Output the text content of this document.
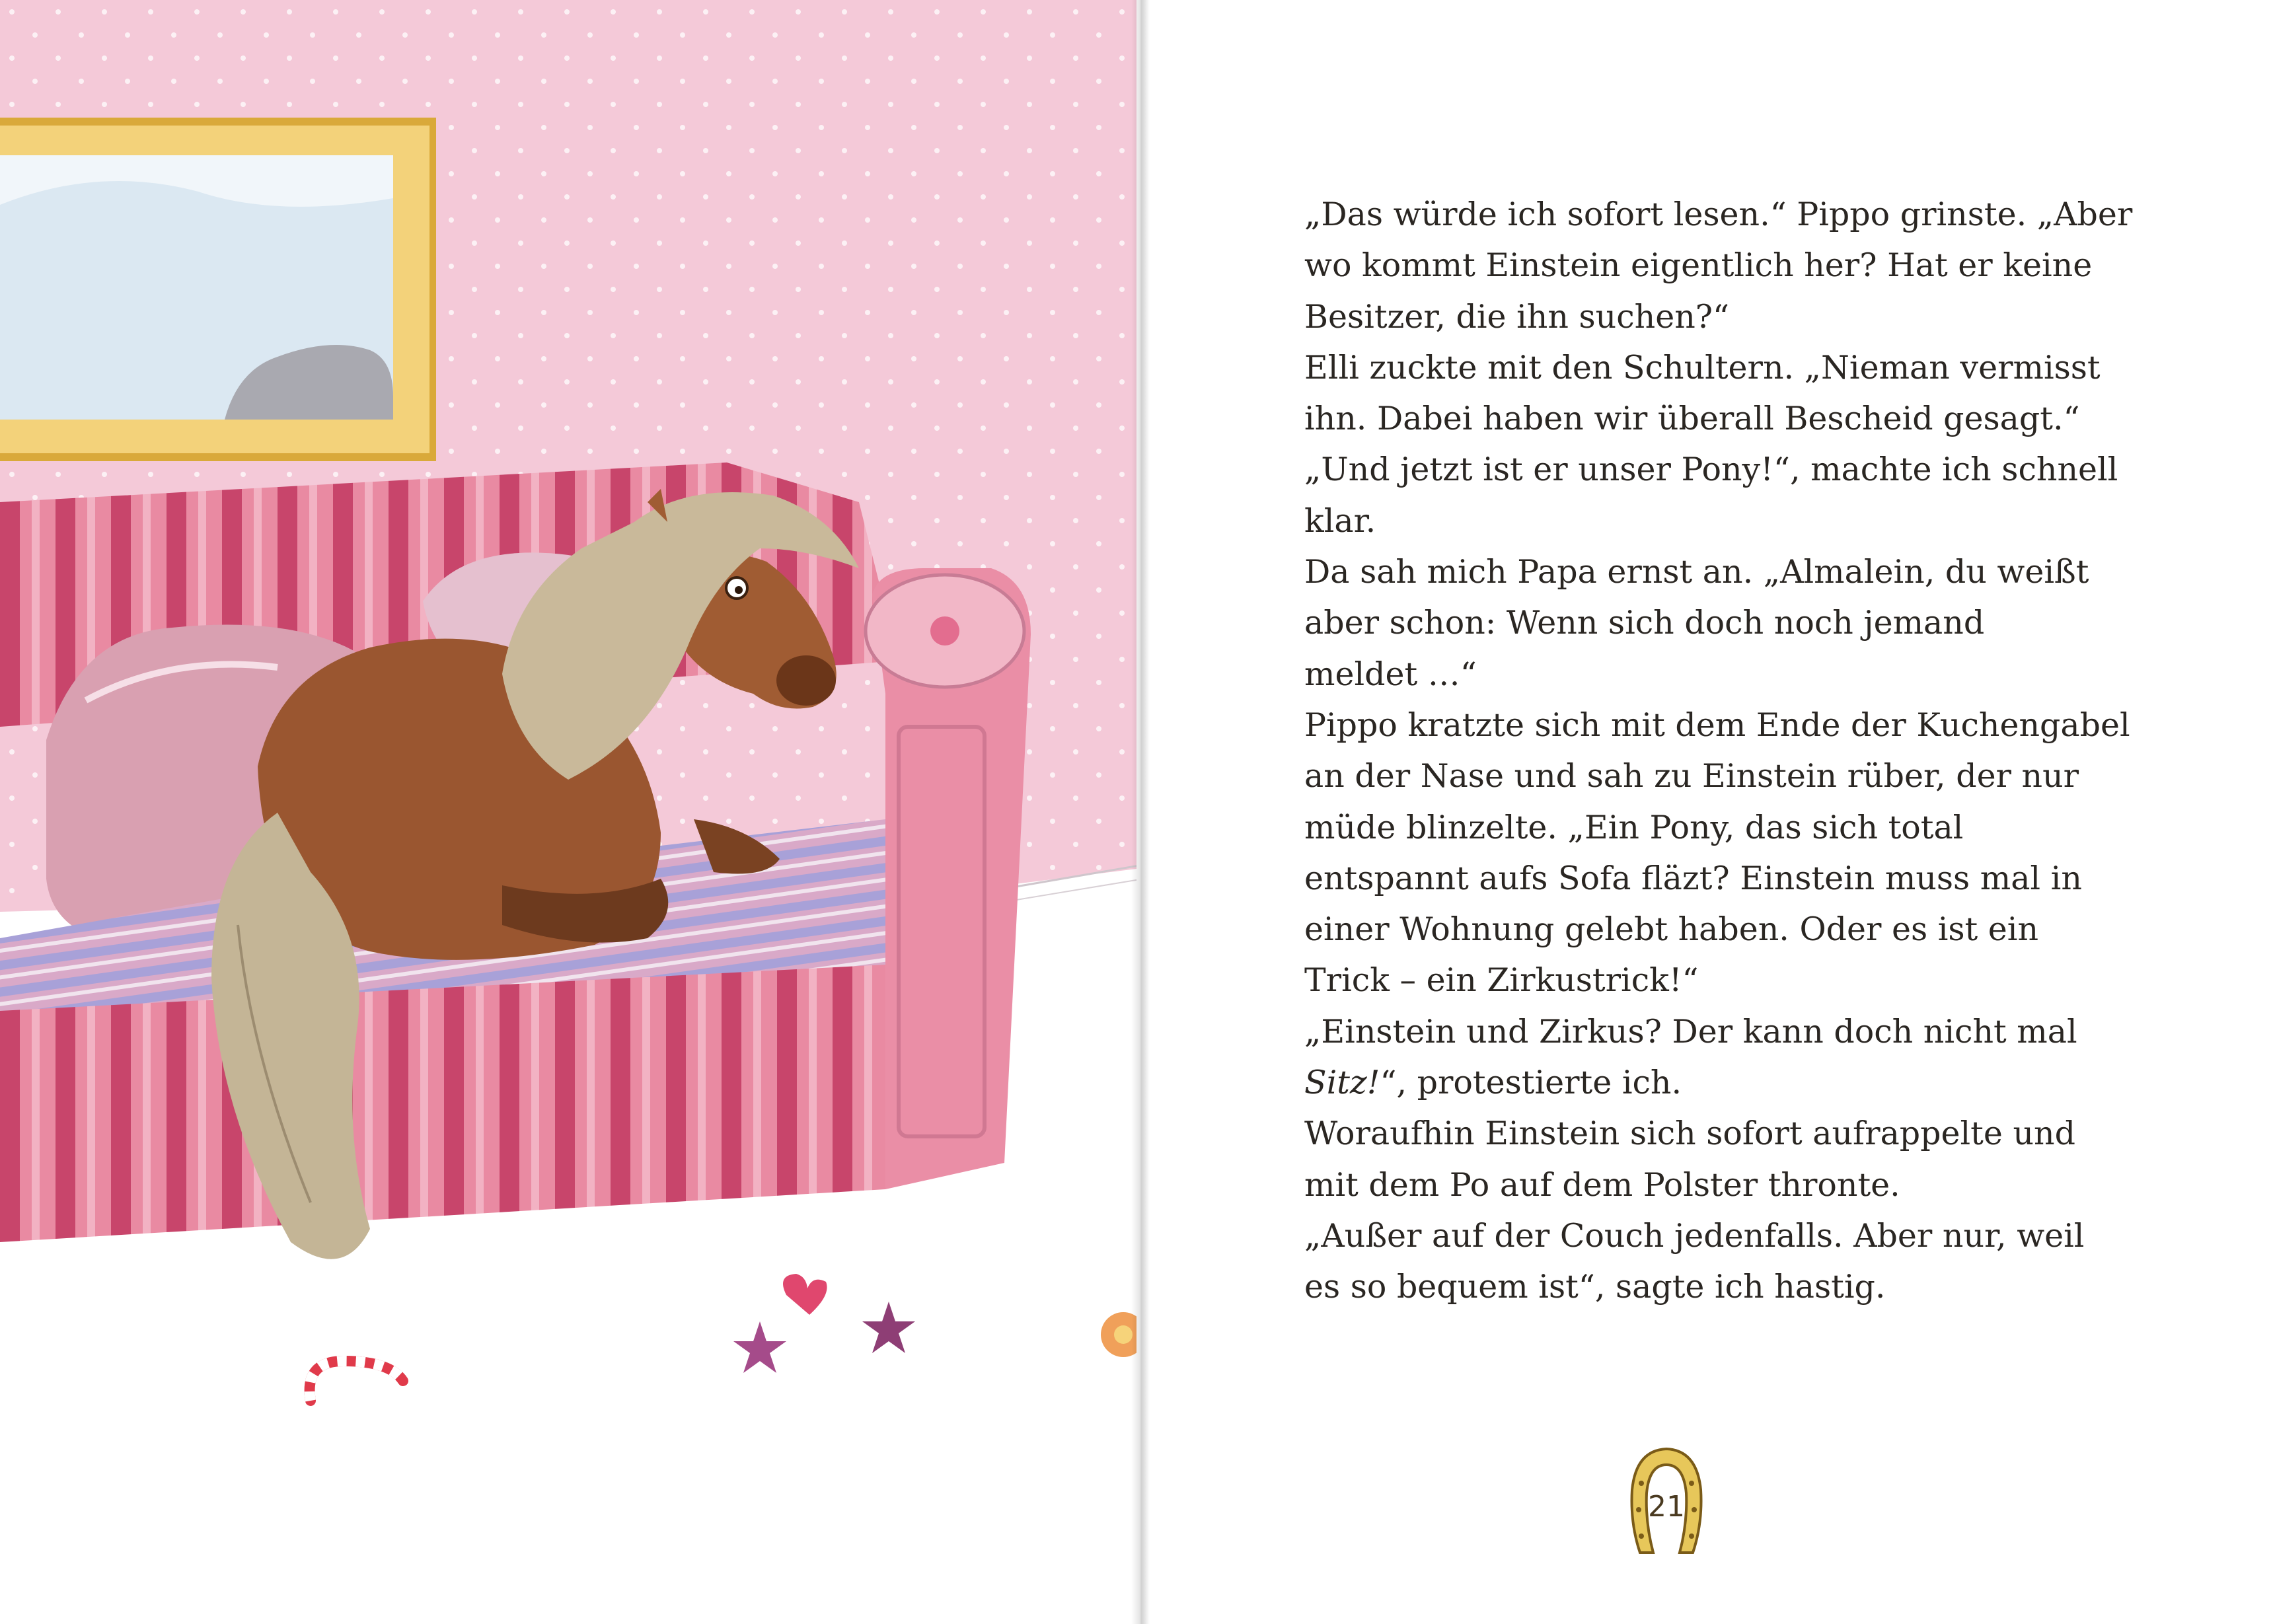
„Das würde ich sofort lesen.“ Pippo grinste. „Aber

wo kommt Einstein eigentlich her? Hat er keine

Besitzer, die ihn suchen?“

Elli zuckte mit den Schultern. „Nieman vermisst

ihn. Dabei haben wir überall Bescheid gesagt.“

„Und jetzt ist er unser Pony!“, machte ich schnell

klar.

Da sah mich Papa ernst an. „Almalein, du weißt

aber schon: Wenn sich doch noch jemand

meldet …“

Pippo kratzte sich mit dem Ende der Kuchengabel

an der Nase und sah zu Einstein rüber, der nur

müde blinzelte. „Ein Pony, das sich total

entspannt aufs Sofa fläzt? Einstein muss mal in

einer Wohnung gelebt haben. Oder es ist ein

Trick – ein Zirkustrick!“

„Einstein und Zirkus? Der kann doch nicht mal

Sitz!“, protestierte ich.

Woraufhin Einstein sich sofort aufrappelte und

mit dem Po auf dem Polster thronte.

„Außer auf der Couch jedenfalls. Aber nur, weil

es so bequem ist“, sagte ich hastig.

21
